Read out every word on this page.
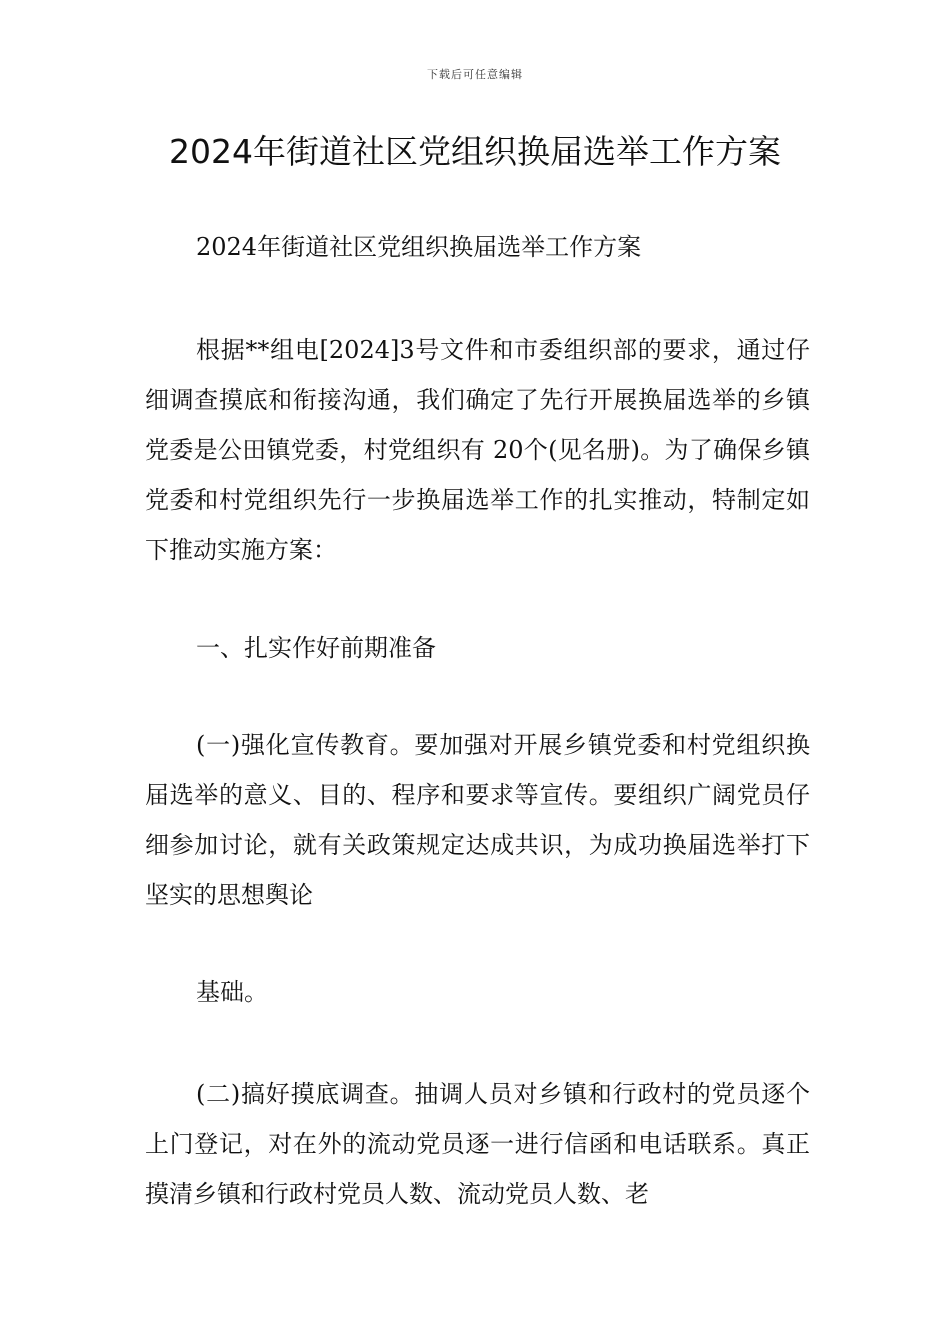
下载后可任意编辑
2024年街道社区党组织换届选举工作方案

2024年街道社区党组织换届选举工作方案

根据**组电[2024]3号文件和市委组织部的要求，通过仔细调查摸底和衔接沟通，我们确定了先行开展换届选举的乡镇党委是公田镇党委，村党组织有 20个(见名册)。为了确保乡镇党委和村党组织先行一步换届选举工作的扎实推动，特制定如下推动实施方案：

一、扎实作好前期准备

(一)强化宣传教育。要加强对开展乡镇党委和村党组织换届选举的意义、目的、程序和要求等宣传。要组织广阔党员仔细参加讨论，就有关政策规定达成共识，为成功换届选举打下坚实的思想舆论

基础。

(二)搞好摸底调查。抽调人员对乡镇和行政村的党员逐个上门登记，对在外的流动党员逐一进行信函和电话联系。真正摸清乡镇和行政村党员人数、流动党员人数、老
